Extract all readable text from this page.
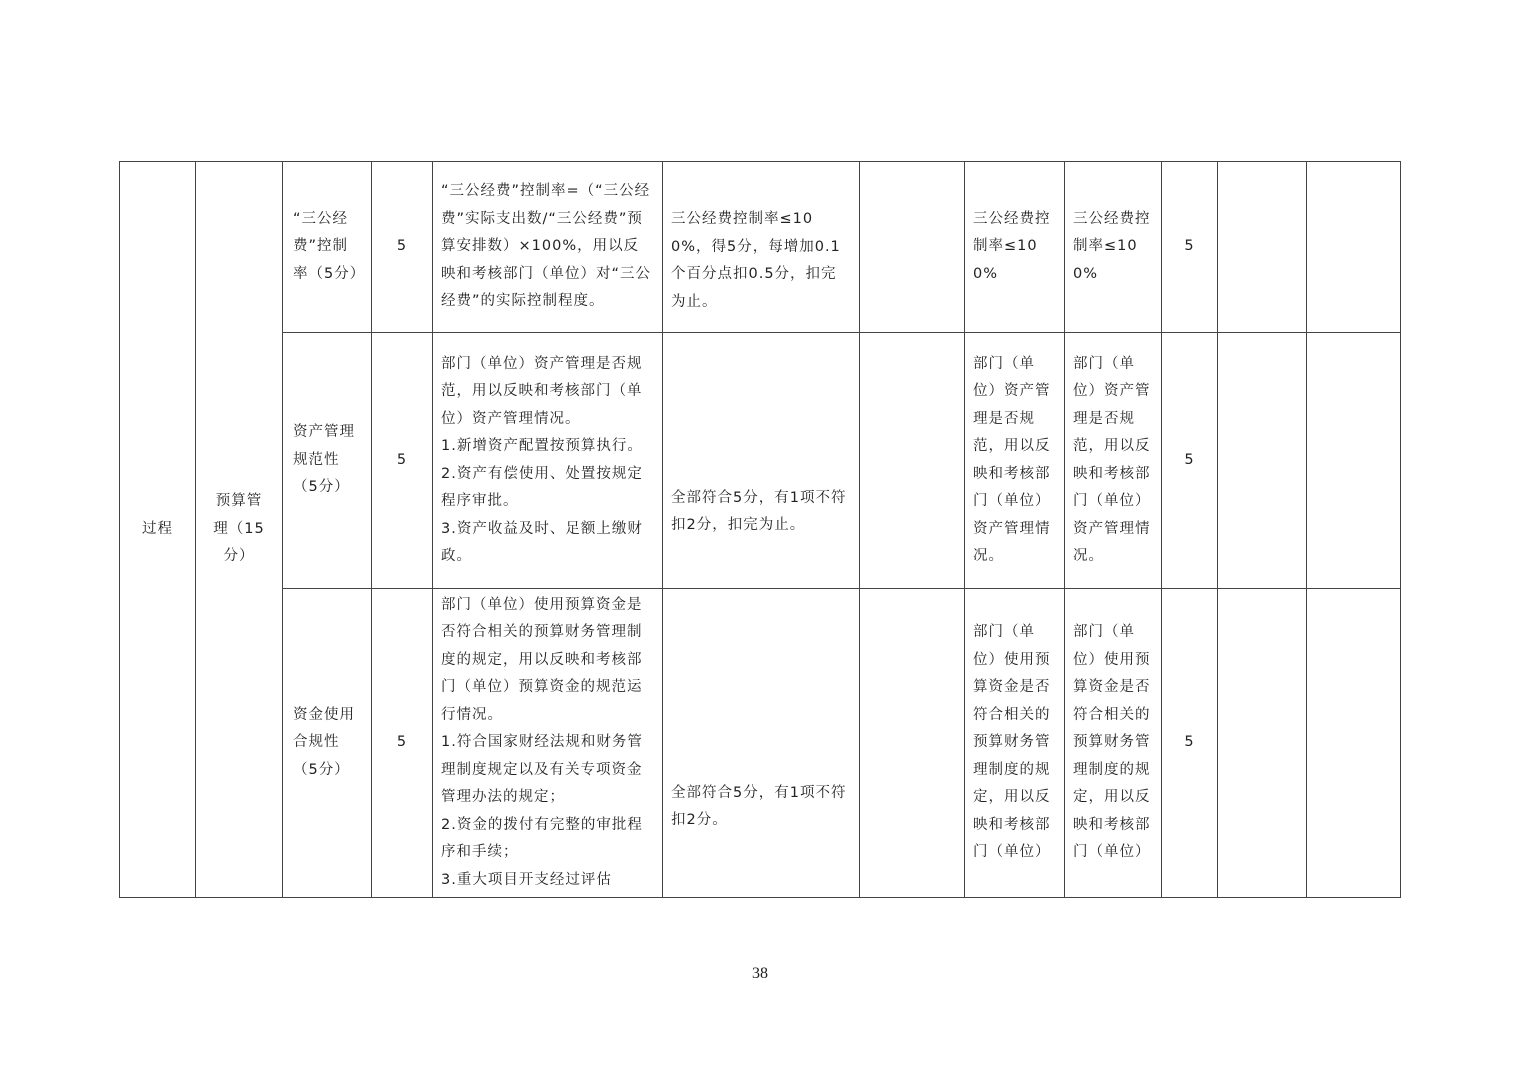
过程	预算管理（15分）	“三公经费”控制率（5分）	5	“三公经费”控制率=（“三公经费”实际支出数/“三公经费”预算安排数）×100%，用以反映和考核部门（单位）对“三公经费”的实际控制程度。	三公经费控制率≤100%，得5分，每增加0.1个百分点扣0.5分，扣完为止。		三公经费控制率≤100%	三公经费控制率≤100%	5		
		资产管理规范性（5分）	5	部门（单位）资产管理是否规范，用以反映和考核部门（单位）资产管理情况。
1.新增资产配置按预算执行。
2.资产有偿使用、处置按规定程序审批。
3.资产收益及时、足额上缴财政。	全部符合5分，有1项不符扣2分，扣完为止。		部门（单位）资产管理是否规范，用以反映和考核部门（单位）资产管理情况。	部门（单位）资产管理是否规范，用以反映和考核部门（单位）资产管理情况。	5		
		资金使用合规性（5分）	5	部门（单位）使用预算资金是否符合相关的预算财务管理制度的规定，用以反映和考核部门（单位）预算资金的规范运行情况。
1.符合国家财经法规和财务管理制度规定以及有关专项资金管理办法的规定；
2.资金的拨付有完整的审批程序和手续；
3.重大项目开支经过评估	全部符合5分，有1项不符扣2分。		部门（单位）使用预算资金是否符合相关的预算财务管理制度的规定，用以反映和考核部门（单位）	部门（单位）使用预算资金是否符合相关的预算财务管理制度的规定，用以反映和考核部门（单位）	5		
38
